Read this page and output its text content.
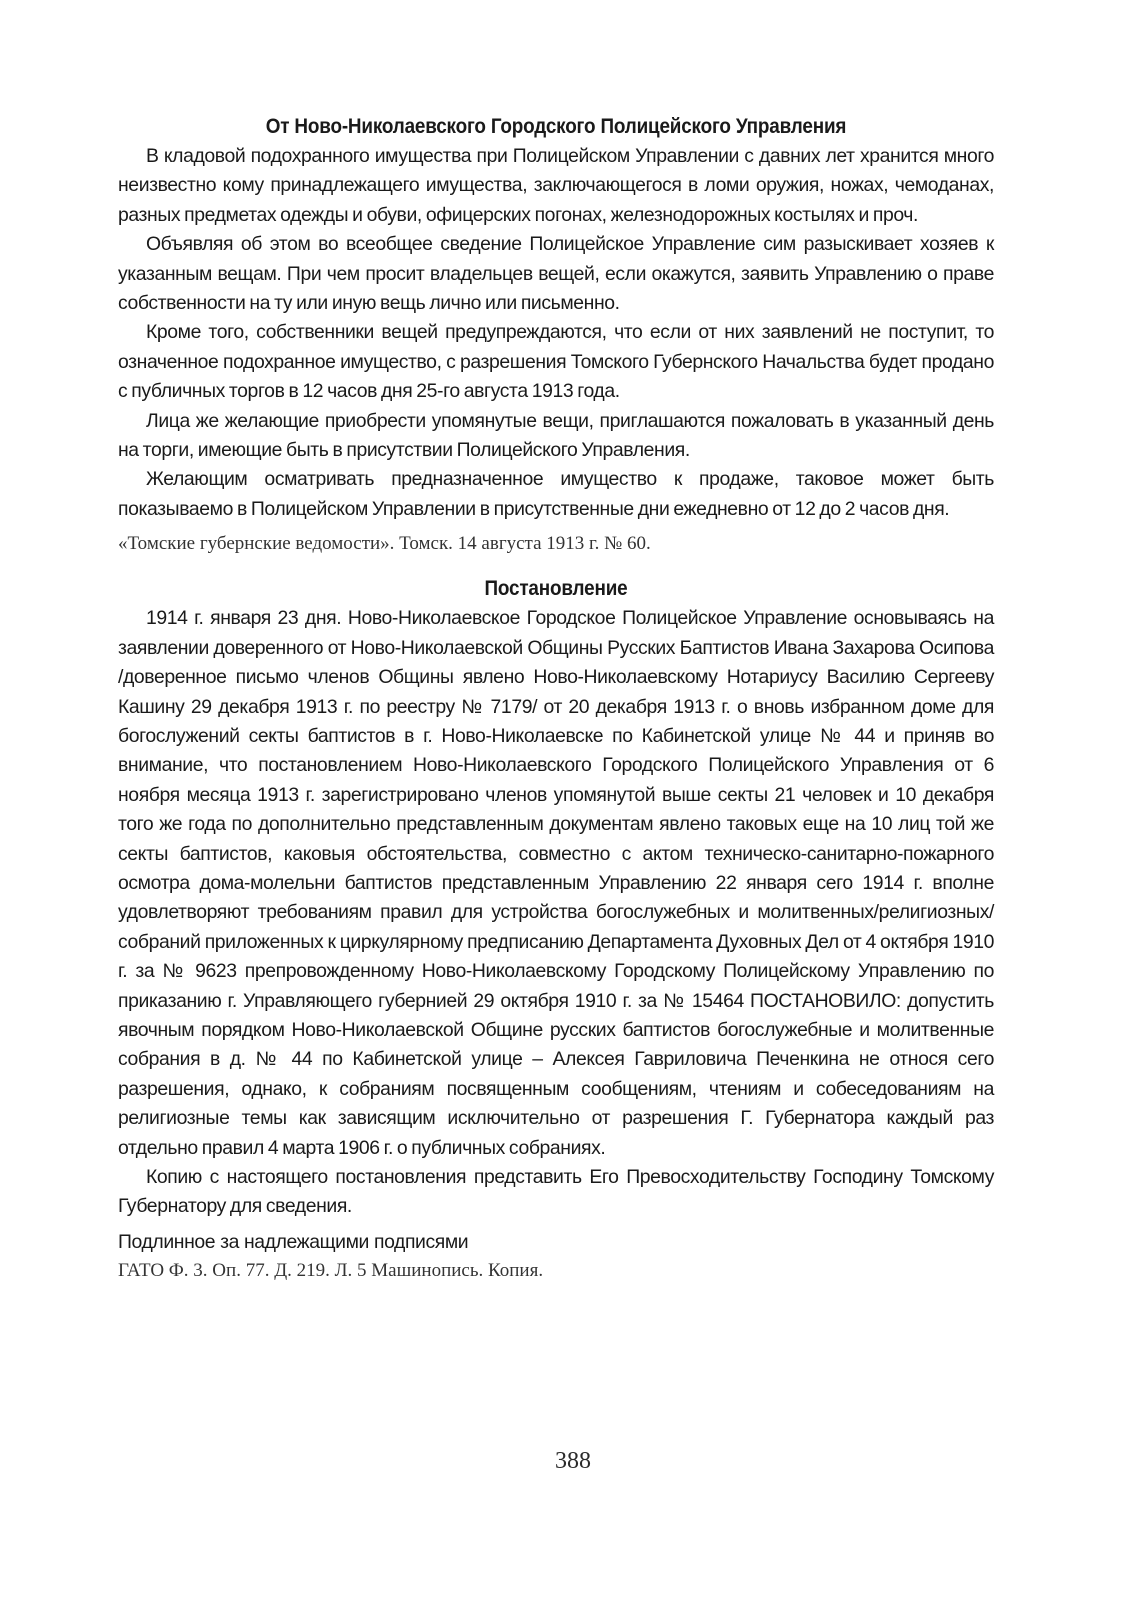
От Ново-Николаевского Городского Полицейского Управления

В кладовой подохранного имущества при Полицейском Управлении с давних лет хранится много неизвестно кому принадлежащего имущества, заключающегося в ломи оружия, ножах, чемоданах, разных предметах одежды и обуви, офицерских погонах, железнодорожных костылях и проч.

Объявляя об этом во всеобщее сведение Полицейское Управление сим разыскивает хозяев к указанным вещам. При чем просит владельцев вещей, если окажутся, заявить Управлению о праве собственности на ту или иную вещь лично или письменно.

Кроме того, собственники вещей предупреждаются, что если от них заявлений не поступит, то означенное подохранное имущество, с разрешения Томского Губернского Начальства будет продано с публичных торгов в 12 часов дня 25-го августа 1913 года.

Лица же желающие приобрести упомянутые вещи, приглашаются пожаловать в указанный день на торги, имеющие быть в присутствии Полицейского Управления.

Желающим осматривать предназначенное имущество к продаже, таковое может быть показываемо в Полицейском Управлении в присутственные дни ежедневно от 12 до 2 часов дня.

«Томские губернские ведомости». Томск. 14 августа 1913 г. № 60.

Постановление

1914 г. января 23 дня. Ново-Николаевское Городское Полицейское Управление основываясь на заявлении доверенного от Ново-Николаевской Общины Русских Баптистов Ивана Захарова Осипова /доверенное письмо членов Общины явлено Ново-Николаевскому Нотариусу Василию Сергееву Кашину 29 декабря 1913 г. по реестру № 7179/ от 20 декабря 1913 г. о вновь избранном доме для богослужений секты баптистов в г. Ново-Николаевске по Кабинетской улице № 44 и приняв во внимание, что постановлением Ново-Николаевского Городского Полицейского Управления от 6 ноября месяца 1913 г. зарегистрировано членов упомянутой выше секты 21 человек и 10 декабря того же года по дополнительно представленным документам явлено таковых еще на 10 лиц той же секты баптистов, каковыя обстоятельства, совместно с актом техническо-санитарно-пожарного осмотра дома-молельни баптистов представленным Управлению 22 января сего 1914 г. вполне удовлетворяют требованиям правил для устройства богослужебных и молитвенных/религиозных/ собраний приложенных к циркулярному предписанию Департамента Духовных Дел от 4 октября 1910 г. за № 9623 препровожденному Ново-Николаевскому Городскому Полицейскому Управлению по приказанию г. Управляющего губернией 29 октября 1910 г. за № 15464 ПОСТАНОВИЛО: допустить явочным порядком Ново-Николаевской Общине русских баптистов богослужебные и молитвенные собрания в д. № 44 по Кабинетской улице – Алексея Гавриловича Печенкина не относя сего разрешения, однако, к собраниям посвященным сообщениям, чтениям и собеседованиям на религиозные темы как зависящим исключительно от разрешения Г. Губернатора каждый раз отдельно правил 4 марта 1906 г. о публичных собраниях.

Копию с настоящего постановления представить Его Превосходительству Господину Томскому Губернатору для сведения.

Подлинное за надлежащими подписями

ГАТО Ф. 3. Оп. 77. Д. 219. Л. 5 Машинопись. Копия.

388
